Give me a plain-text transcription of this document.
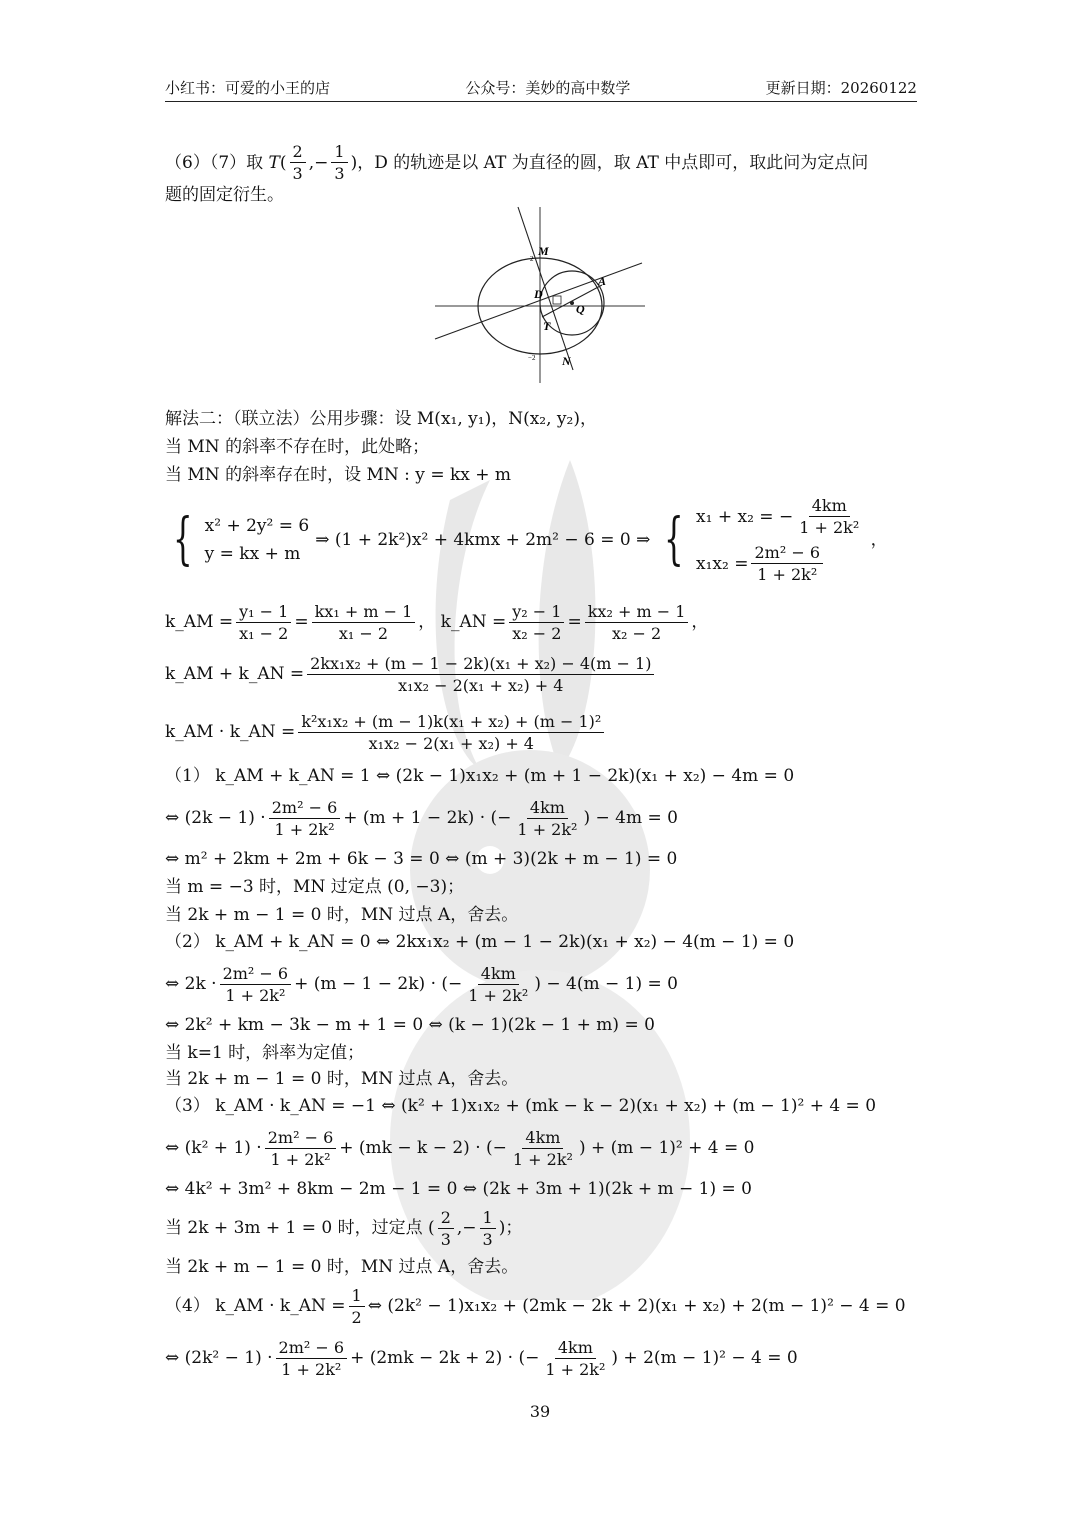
小红书：可爱的小王的店	公众号：美妙的高中数学	更新日期：20260122
（6）（7）取 T ( $\frac{2}{3}$ ,− $\frac{1}{3}$ ) ，D 的轨迹是以 AT 为直径的圆，取 AT 中点即可，取此问为定点问
题的固定衍生。
M
D
A
Q
T
N
2
−2
解法二：（联立法）公用步骤：设 M(x₁, y₁)，N(x₂, y₂)，
当 MN 的斜率不存在时，此处略；
当 MN 的斜率存在时，设 MN : y = kx + m
{ x² + 2y² = 6
y = kx + m
⇒ (1 + 2k²)x² + 4kmx + 2m² − 6 = 0 ⇒ { x₁ + x₂ = − $\frac{4km}{\text{1 + 2k²}}$
$x_1x_2 = \frac{\text{2m² − 6}}{\text{1 + 2k²}}$
，
k_AM = $\frac{\text{y₁ − 1}}{\text{x₁ − 2}} = \frac{\text{kx₁ + m − 1}}{\text{x₁ − 2}}$ ， k_AN = $\frac{\text{y₂ − 1}}{\text{x₂ − 2}} = \frac{\text{kx₂ + m − 1}}{\text{x₂ − 2}}$ ，
k_AM + k_AN = $\frac{\text{2kx₁x₂ + (m − 1 − 2k)(x₁ + x₂) − 4(m − 1)}}{\text{x₁x₂ − 2(x₁ + x₂) + 4}}$
k_AM · k_AN = $\frac{\text{k²x₁x₂ + (m − 1)k(x₁ + x₂) + (m − 1)²}}{\text{x₁x₂ − 2(x₁ + x₂) + 4}}$
（1） k_AM + k_AN = 1 ⇔ (2k − 1)x₁x₂ + (m + 1 − 2k)(x₁ + x₂) − 4m = 0
⇔ $(2k - 1) \cdot \frac{\text{2m² − 6}}{\text{1 + 2k²}} + (m + 1 - 2k)$ · (− $\frac{4km}{\text{1 + 2k²}}$ ) − 4m = 0
⇔ m² + 2km + 2m + 6k − 3 = 0 ⇔ (m + 3)(2k + m − 1) = 0
当 m = −3 时，MN 过定点 (0, −3)；
当 2k + m − 1 = 0 时，MN 过点 A，舍去。
（2） k_AM + k_AN = 0 ⇔ 2kx₁x₂ + (m − 1 − 2k)(x₁ + x₂) − 4(m − 1) = 0
⇔ $2k \cdot \frac{\text{2m² − 6}}{\text{1 + 2k²}} + (m - 1 - 2k)$ · (− $\frac{4km}{\text{1 + 2k²}}$ ) − 4(m − 1) = 0
⇔ 2k² + km − 3k − m + 1 = 0 ⇔ (k − 1)(2k − 1 + m) = 0
当 k=1 时，斜率为定值；
当 2k + m − 1 = 0 时，MN 过点 A，舍去。
（3） k_AM · k_AN = −1 ⇔ (k² + 1)x₁x₂ + (mk − k − 2)(x₁ + x₂) + (m − 1)² + 4 = 0
⇔ $(k^2 + 1) \cdot \frac{\text{2m² − 6}}{\text{1 + 2k²}} + (mk - k - 2)$ · (− $\frac{4km}{\text{1 + 2k²}}$ ) + (m − 1)² + 4 = 0
⇔ 4k² + 3m² + 8km − 2m − 1 = 0 ⇔ (2k + 3m + 1)(2k + m − 1) = 0
当 2k + 3m + 1 = 0 时，过定点 ( $\frac{2}{3}$ ,− $\frac{1}{3}$ )；
当 2k + m − 1 = 0 时，MN 过点 A，舍去。
（4） k_AM · k_AN = $\frac{1}{2}$ ⇔ (2k² − 1)x₁x₂ + (2mk − 2k + 2)(x₁ + x₂) + 2(m − 1)² − 4 = 0
⇔ $(2k^2 - 1) \cdot \frac{\text{2m² − 6}}{\text{1 + 2k²}} + (2mk - 2k + 2)$ · (− $\frac{4km}{\text{1 + 2k²}}$ ) + 2(m − 1)² − 4 = 0
39
